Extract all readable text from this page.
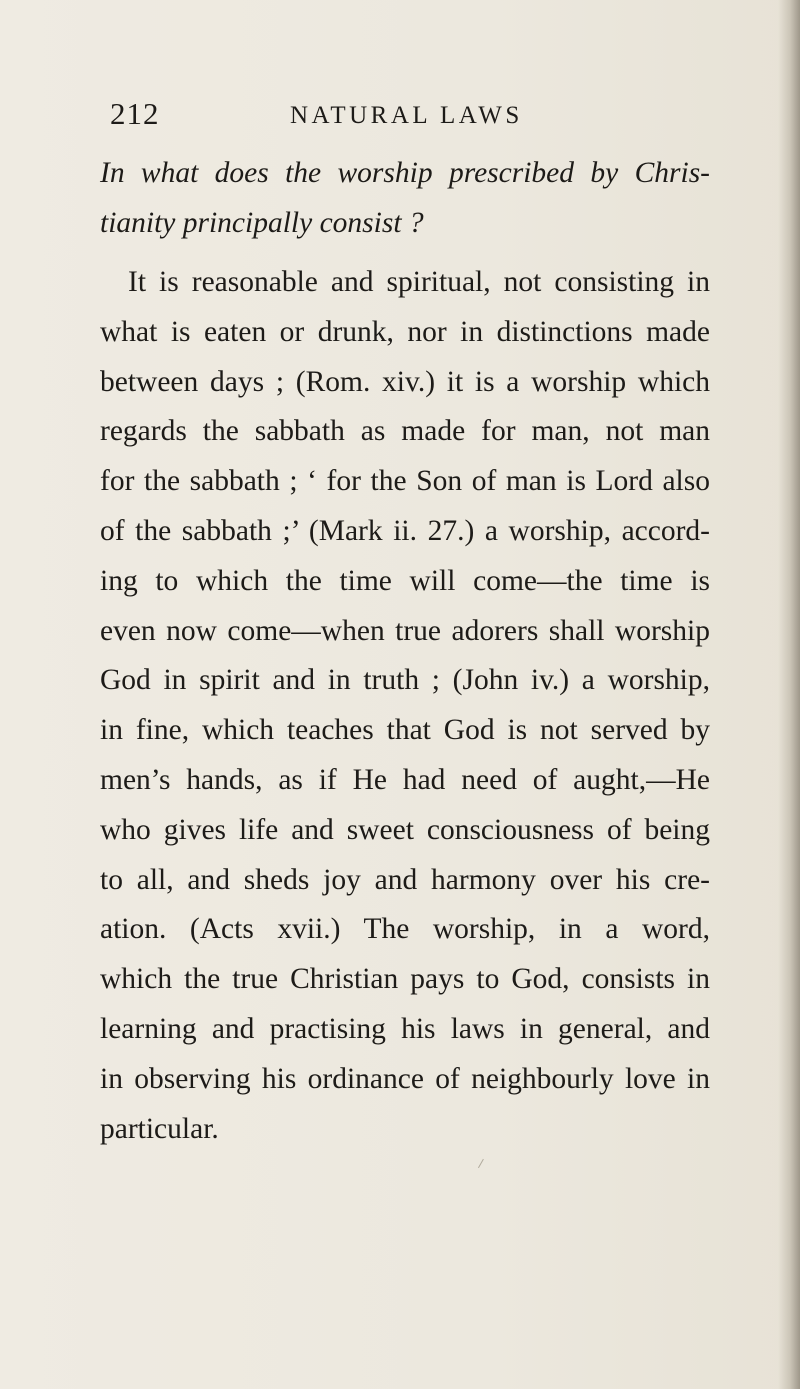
212	NATURAL LAWS
In what does the worship prescribed by Chris-
tianity principally consist ?
It is reasonable and spiritual, not consisting in
what is eaten or drunk, nor in distinctions made
between days ; (Rom. xiv.) it is a worship which
regards the sabbath as made for man, not man
for the sabbath ; ‘ for the Son of man is Lord also
of the sabbath ;’ (Mark ii. 27.) a worship, accord-
ing to which the time will come—the time is
even now come—when true adorers shall worship
God in spirit and in truth ; (John iv.) a worship,
in fine, which teaches that God is not served by
men’s hands, as if He had need of aught,—He
who gives life and sweet consciousness of being
to all, and sheds joy and harmony over his cre-
ation. (Acts xvii.) The worship, in a word,
which the true Christian pays to God, consists in
learning and practising his laws in general, and
in observing his ordinance of neighbourly love in
particular.
